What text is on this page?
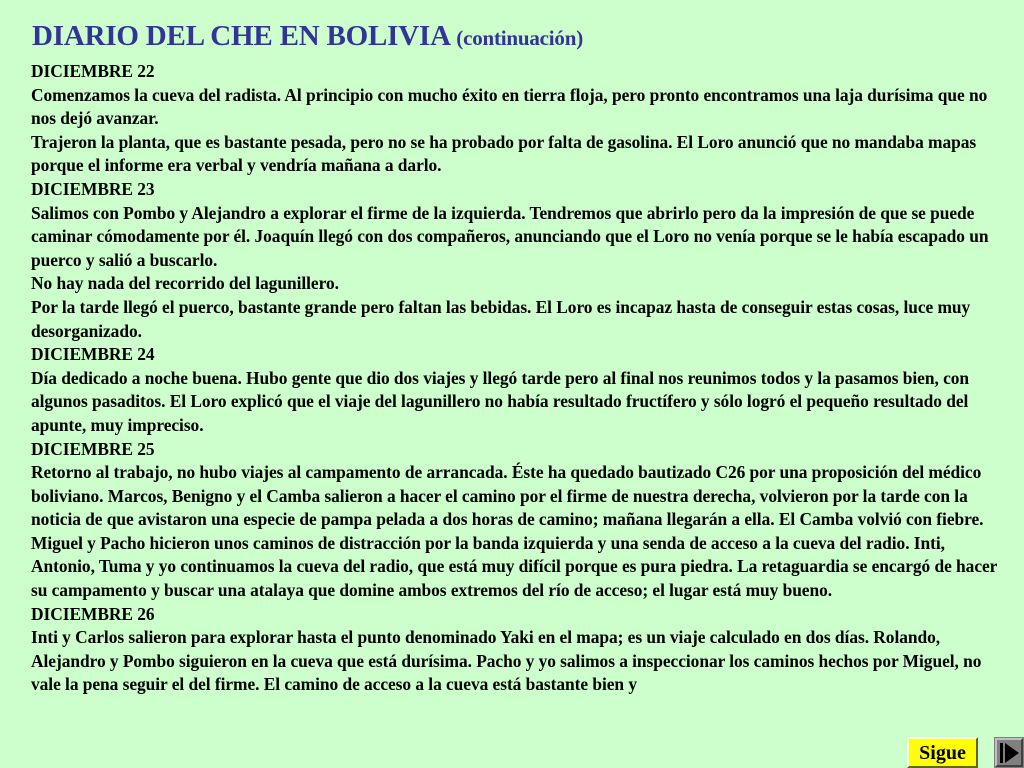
DIARIO DEL CHE EN BOLIVIA (continuación)

DICIEMBRE 22

Comenzamos la cueva del radista. Al principio con mucho éxito en tierra floja, pero pronto encontramos una laja durísima que no nos dejó avanzar.

Trajeron la planta, que es bastante pesada, pero no se ha probado por falta de gasolina. El Loro anunció que no mandaba mapas porque el informe era verbal y vendría mañana a darlo.

DICIEMBRE 23

Salimos con Pombo y Alejandro a explorar el firme de la izquierda. Tendremos que abrirlo pero da la impresión de que se puede caminar cómodamente por él. Joaquín llegó con dos compañeros, anunciando que el Loro no venía porque se le había escapado un puerco y salió a buscarlo.

No hay nada del recorrido del lagunillero.

Por la tarde llegó el puerco, bastante grande pero faltan las bebidas. El Loro es incapaz hasta de conseguir estas cosas, luce muy desorganizado.

DICIEMBRE 24

Día dedicado a noche buena. Hubo gente que dio dos viajes y llegó tarde pero al final nos reunimos todos y la pasamos bien, con algunos pasaditos. El Loro explicó que el viaje del lagunillero no había resultado fructífero y sólo logró el pequeño resultado del apunte, muy impreciso.

DICIEMBRE 25

Retorno al trabajo, no hubo viajes al campamento de arrancada. Éste ha quedado bautizado C26 por una proposición del médico boliviano. Marcos, Benigno y el Camba salieron a hacer el camino por el firme de nuestra derecha, volvieron por la tarde con la noticia de que avistaron una especie de pampa pelada a dos horas de camino; mañana llegarán a ella. El Camba volvió con fiebre. Miguel y Pacho hicieron unos caminos de distracción por la banda izquierda y una senda de acceso a la cueva del radio. Inti, Antonio, Tuma y yo continuamos la cueva del radio, que está muy difícil porque es pura piedra. La retaguardia se encargó de hacer su campamento y buscar una atalaya que domine ambos extremos del río de acceso; el lugar está muy bueno.

DICIEMBRE 26

Inti y Carlos salieron para explorar hasta el punto denominado Yaki en el mapa; es un viaje calculado en dos días. Rolando, Alejandro y Pombo siguieron en la cueva que está durísima. Pacho y yo salimos a inspeccionar los caminos hechos por Miguel, no vale la pena seguir el del firme. El camino de acceso a la cueva está bastante bien y

Sigue
